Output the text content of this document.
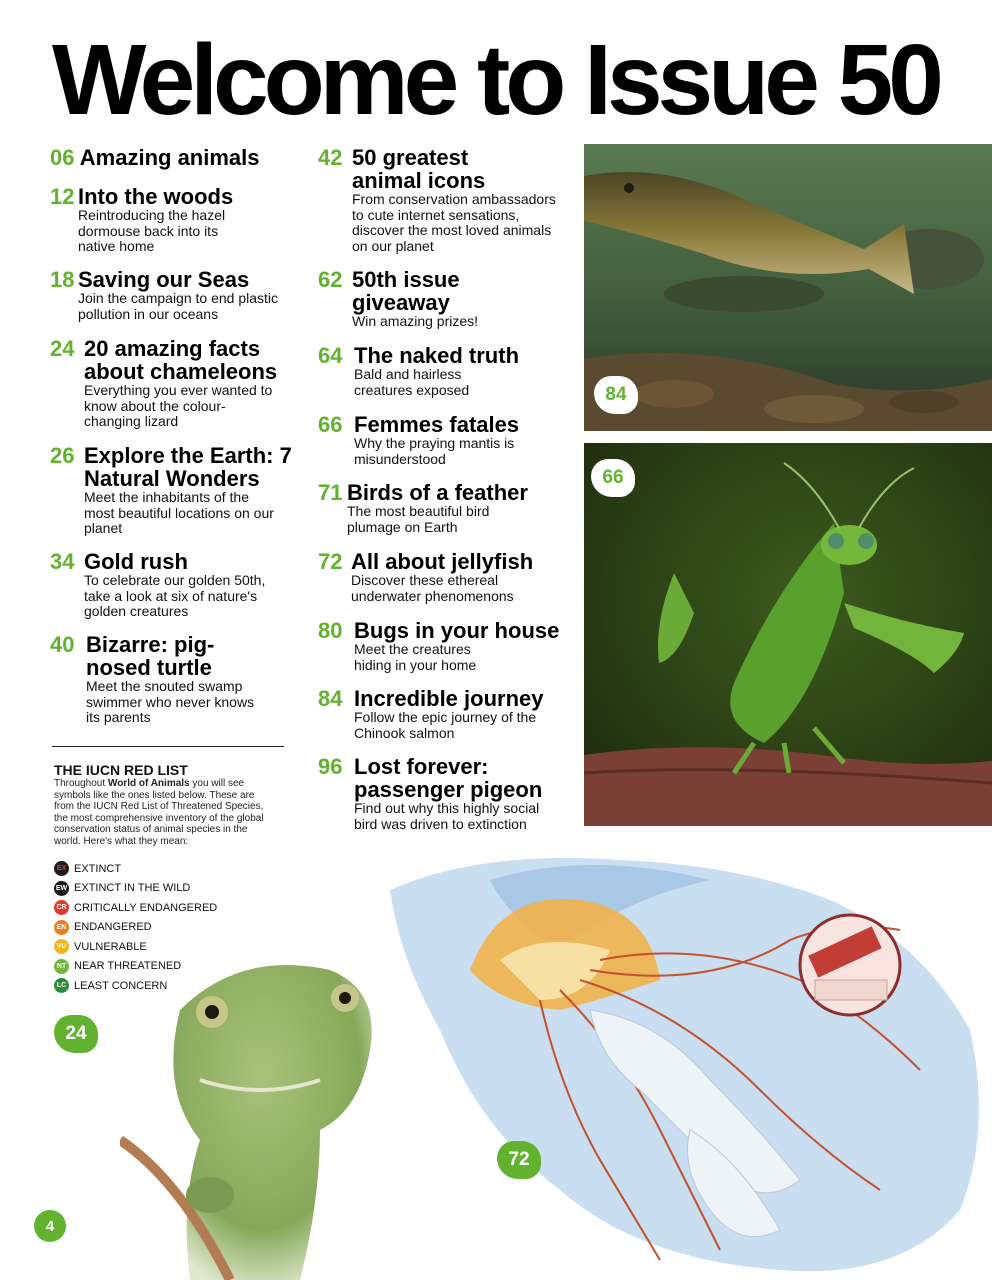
Welcome to Issue 50
06 Amazing animals
12 Into the woods
Reintroducing the hazel dormouse back into its native home
18 Saving our Seas
Join the campaign to end plastic pollution in our oceans
24 20 amazing facts about chameleons
Everything you ever wanted to know about the colour-changing lizard
26 Explore the Earth: 7 Natural Wonders
Meet the inhabitants of the most beautiful locations on our planet
34 Gold rush
To celebrate our golden 50th, take a look at six of nature's golden creatures
40 Bizarre: pig-nosed turtle
Meet the snouted swamp swimmer who never knows its parents
42 50 greatest animal icons
From conservation ambassadors to cute internet sensations, discover the most loved animals on our planet
62 50th issue giveaway
Win amazing prizes!
64 The naked truth
Bald and hairless creatures exposed
66 Femmes fatales
Why the praying mantis is misunderstood
71 Birds of a feather
The most beautiful bird plumage on Earth
72 All about jellyfish
Discover these ethereal underwater phenomenons
80 Bugs in your house
Meet the creatures hiding in your home
84 Incredible journey
Follow the epic journey of the Chinook salmon
96 Lost forever: passenger pigeon
Find out why this highly social bird was driven to extinction
84
66
72
24
THE IUCN RED LIST
Throughout World of Animals you will see symbols like the ones listed below. These are from the IUCN Red List of Threatened Species, the most comprehensive inventory of the global conservation status of animal species in the world. Here's what they mean:
EX EXTINCT
EW EXTINCT IN THE WILD
CR CRITICALLY ENDANGERED
EN ENDANGERED
VU VULNERABLE
NT NEAR THREATENED
LC LEAST CONCERN
4
